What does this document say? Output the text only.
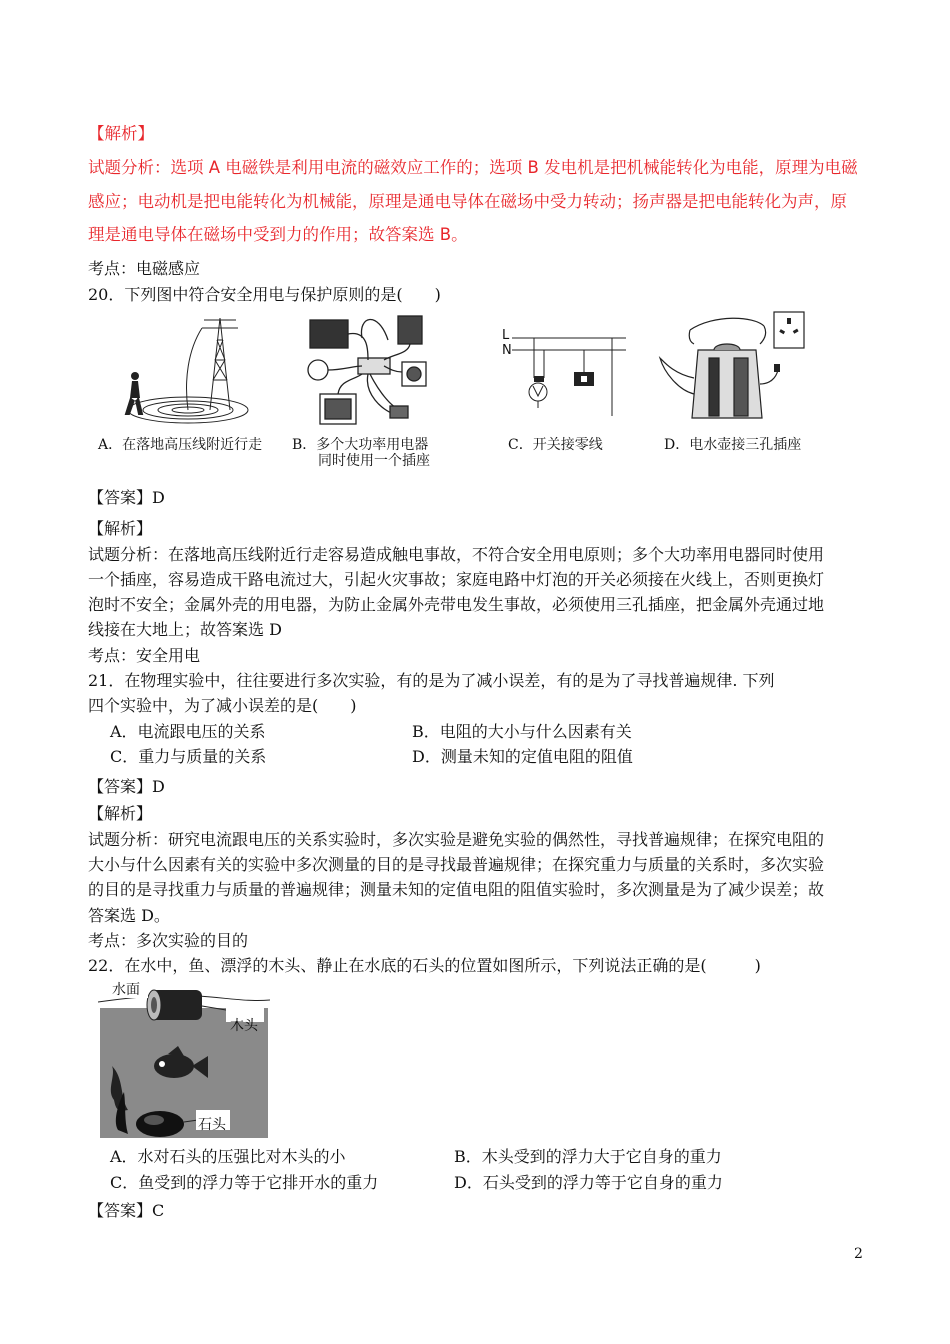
【解析】
试题分析：选项 A 电磁铁是利用电流的磁效应工作的；选项 B 发电机是把机械能转化为电能，原理为电磁
感应；电动机是把电能转化为机械能，原理是通电导体在磁场中受力转动；扬声器是把电能转化为声，原
理是通电导体在磁场中受到力的作用；故答案选 B。
考点：电磁感应
20．下列图中符合安全用电与保护原则的是(　　)
A．在落地高压线附近行走 B．多个大功率用电器
同时使用一个插座
L
N
C．开关接零线	D．电水壶接三孔插座
【答案】D
【解析】
试题分析：在落地高压线附近行走容易造成触电事故，不符合安全用电原则；多个大功率用电器同时使用
一个插座，容易造成干路电流过大，引起火灾事故；家庭电路中灯泡的开关必须接在火线上，否则更换灯
泡时不安全；金属外壳的用电器，为防止金属外壳带电发生事故，必须使用三孔插座，把金属外壳通过地
线接在大地上；故答案选 D
考点：安全用电
21．在物理实验中，往往要进行多次实验，有的是为了减小误差，有的是为了寻找普遍规律. 下列
四个实验中，为了减小误差的是(　　)
A．电流跟电压的关系	B．电阻的大小与什么因素有关
C．重力与质量的关系	D．测量未知的定值电阻的阻值
【答案】D
【解析】
试题分析：研究电流跟电压的关系实验时，多次实验是避免实验的偶然性，寻找普遍规律；在探究电阻的
大小与什么因素有关的实验中多次测量的目的是寻找最普遍规律；在探究重力与质量的关系时，多次实验
的目的是寻找重力与质量的普遍规律；测量未知的定值电阻的阻值实验时，多次测量是为了减少误差；故
答案选 D。
考点：多次实验的目的
22．在水中，鱼、漂浮的木头、静止在水底的石头的位置如图所示，下列说法正确的是(　　　)
水面
木头
石头
A．水对石头的压强比对木头的小	B．木头受到的浮力大于它自身的重力
C．鱼受到的浮力等于它排开水的重力	D．石头受到的浮力等于它自身的重力
【答案】C
2
